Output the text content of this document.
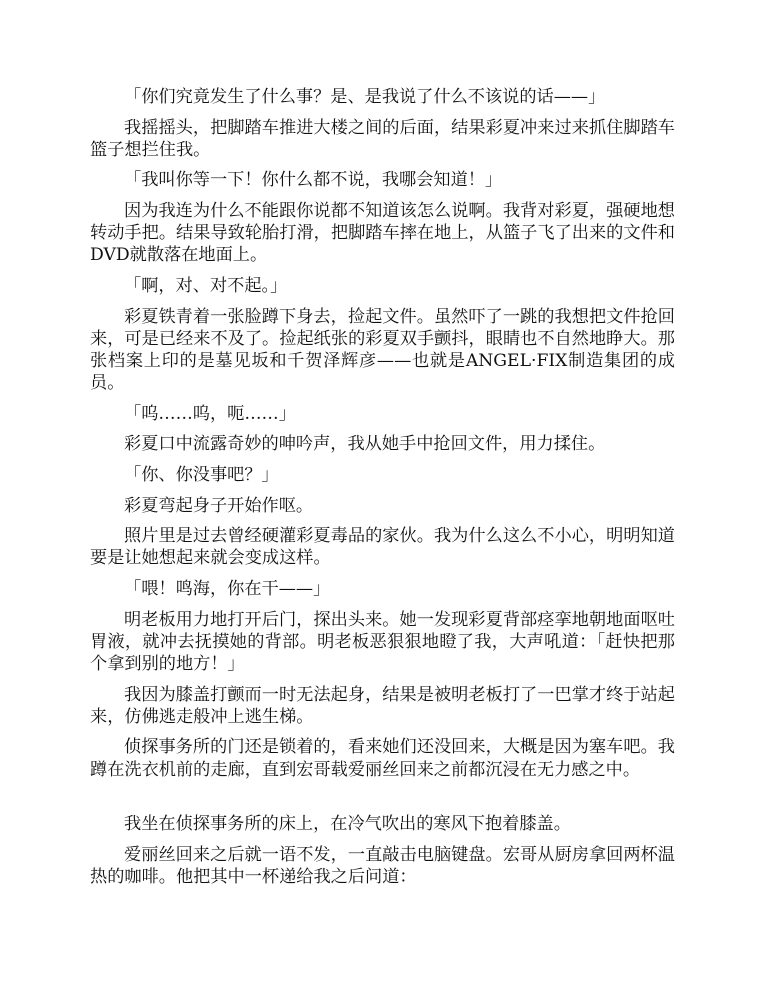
「你们究竟发生了什么事？是、是我说了什么不该说的话——」

我摇摇头，把脚踏车推进大楼之间的后面，结果彩夏冲来过来抓住脚踏车篮子想拦住我。

「我叫你等一下！你什么都不说，我哪会知道！」

因为我连为什么不能跟你说都不知道该怎么说啊。我背对彩夏，强硬地想转动手把。结果导致轮胎打滑，把脚踏车摔在地上，从篮子飞了出来的文件和DVD就散落在地面上。

「啊，对、对不起。」

彩夏铁青着一张脸蹲下身去，捡起文件。虽然吓了一跳的我想把文件抢回来，可是已经来不及了。捡起纸张的彩夏双手颤抖，眼睛也不自然地睁大。那张档案上印的是墓见坂和千贺泽辉彦——也就是ANGEL·FIX制造集团的成员。

「呜……呜，呃……」

彩夏口中流露奇妙的呻吟声，我从她手中抢回文件，用力揉住。

「你、你没事吧？」

彩夏弯起身子开始作呕。

照片里是过去曾经硬灌彩夏毒品的家伙。我为什么这么不小心，明明知道要是让她想起来就会变成这样。

「喂！鸣海，你在干——」

明老板用力地打开后门，探出头来。她一发现彩夏背部痉挛地朝地面呕吐胃液，就冲去抚摸她的背部。明老板恶狠狠地瞪了我，大声吼道：「赶快把那个拿到别的地方！」

我因为膝盖打颤而一时无法起身，结果是被明老板打了一巴掌才终于站起来，仿佛逃走般冲上逃生梯。

侦探事务所的门还是锁着的，看来她们还没回来，大概是因为塞车吧。我蹲在洗衣机前的走廊，直到宏哥载爱丽丝回来之前都沉浸在无力感之中。

我坐在侦探事务所的床上，在冷气吹出的寒风下抱着膝盖。

爱丽丝回来之后就一语不发，一直敲击电脑键盘。宏哥从厨房拿回两杯温热的咖啡。他把其中一杯递给我之后问道：
